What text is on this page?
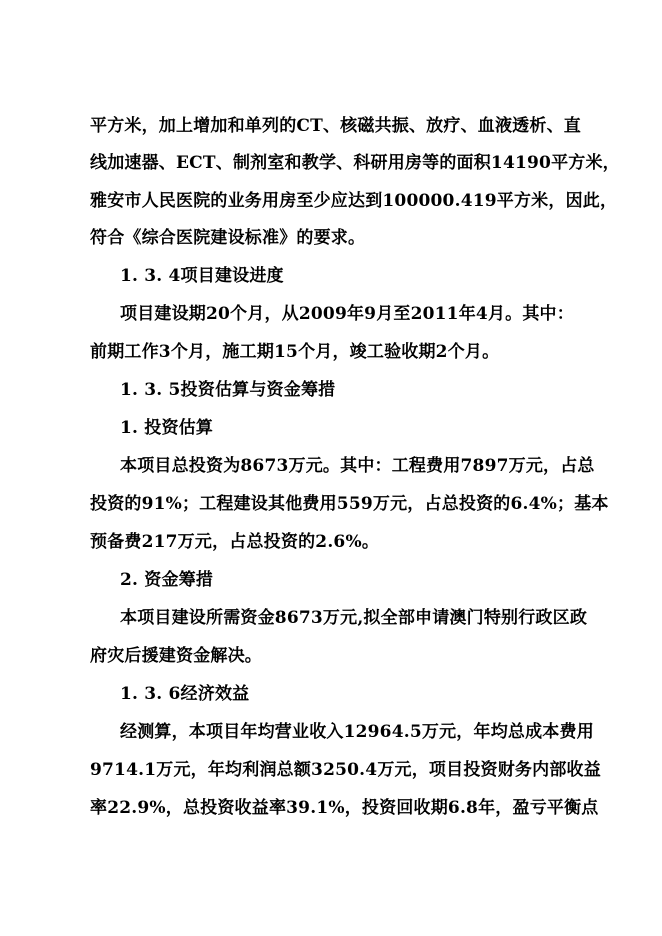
平方米，加上增加和单列的CT、核磁共振、放疗、血液透析、直
线加速器、ECT、制剂室和教学、科研用房等的面积14190平方米，
雅安市人民医院的业务用房至少应达到100000.419平方米，因此，
符合《综合医院建设标准》的要求。
1. 3. 4项目建设进度
项目建设期20个月，从2009年9月至2011年4月。其中：
前期工作3个月，施工期15个月，竣工验收期2个月。
1. 3. 5投资估算与资金筹措
1. 投资估算
本项目总投资为8673万元。其中：工程费用7897万元，占总
投资的91%；工程建设其他费用559万元，占总投资的6.4%；基本
预备费217万元，占总投资的2.6%。
2. 资金筹措
本项目建设所需资金8673万元,拟全部申请澳门特别行政区政
府灾后援建资金解决。
1. 3. 6经济效益
经测算，本项目年均营业收入12964.5万元，年均总成本费用
9714.1万元，年均利润总额3250.4万元，项目投资财务内部收益
率22.9%，总投资收益率39.1%，投资回收期6.8年，盈亏平衡点
